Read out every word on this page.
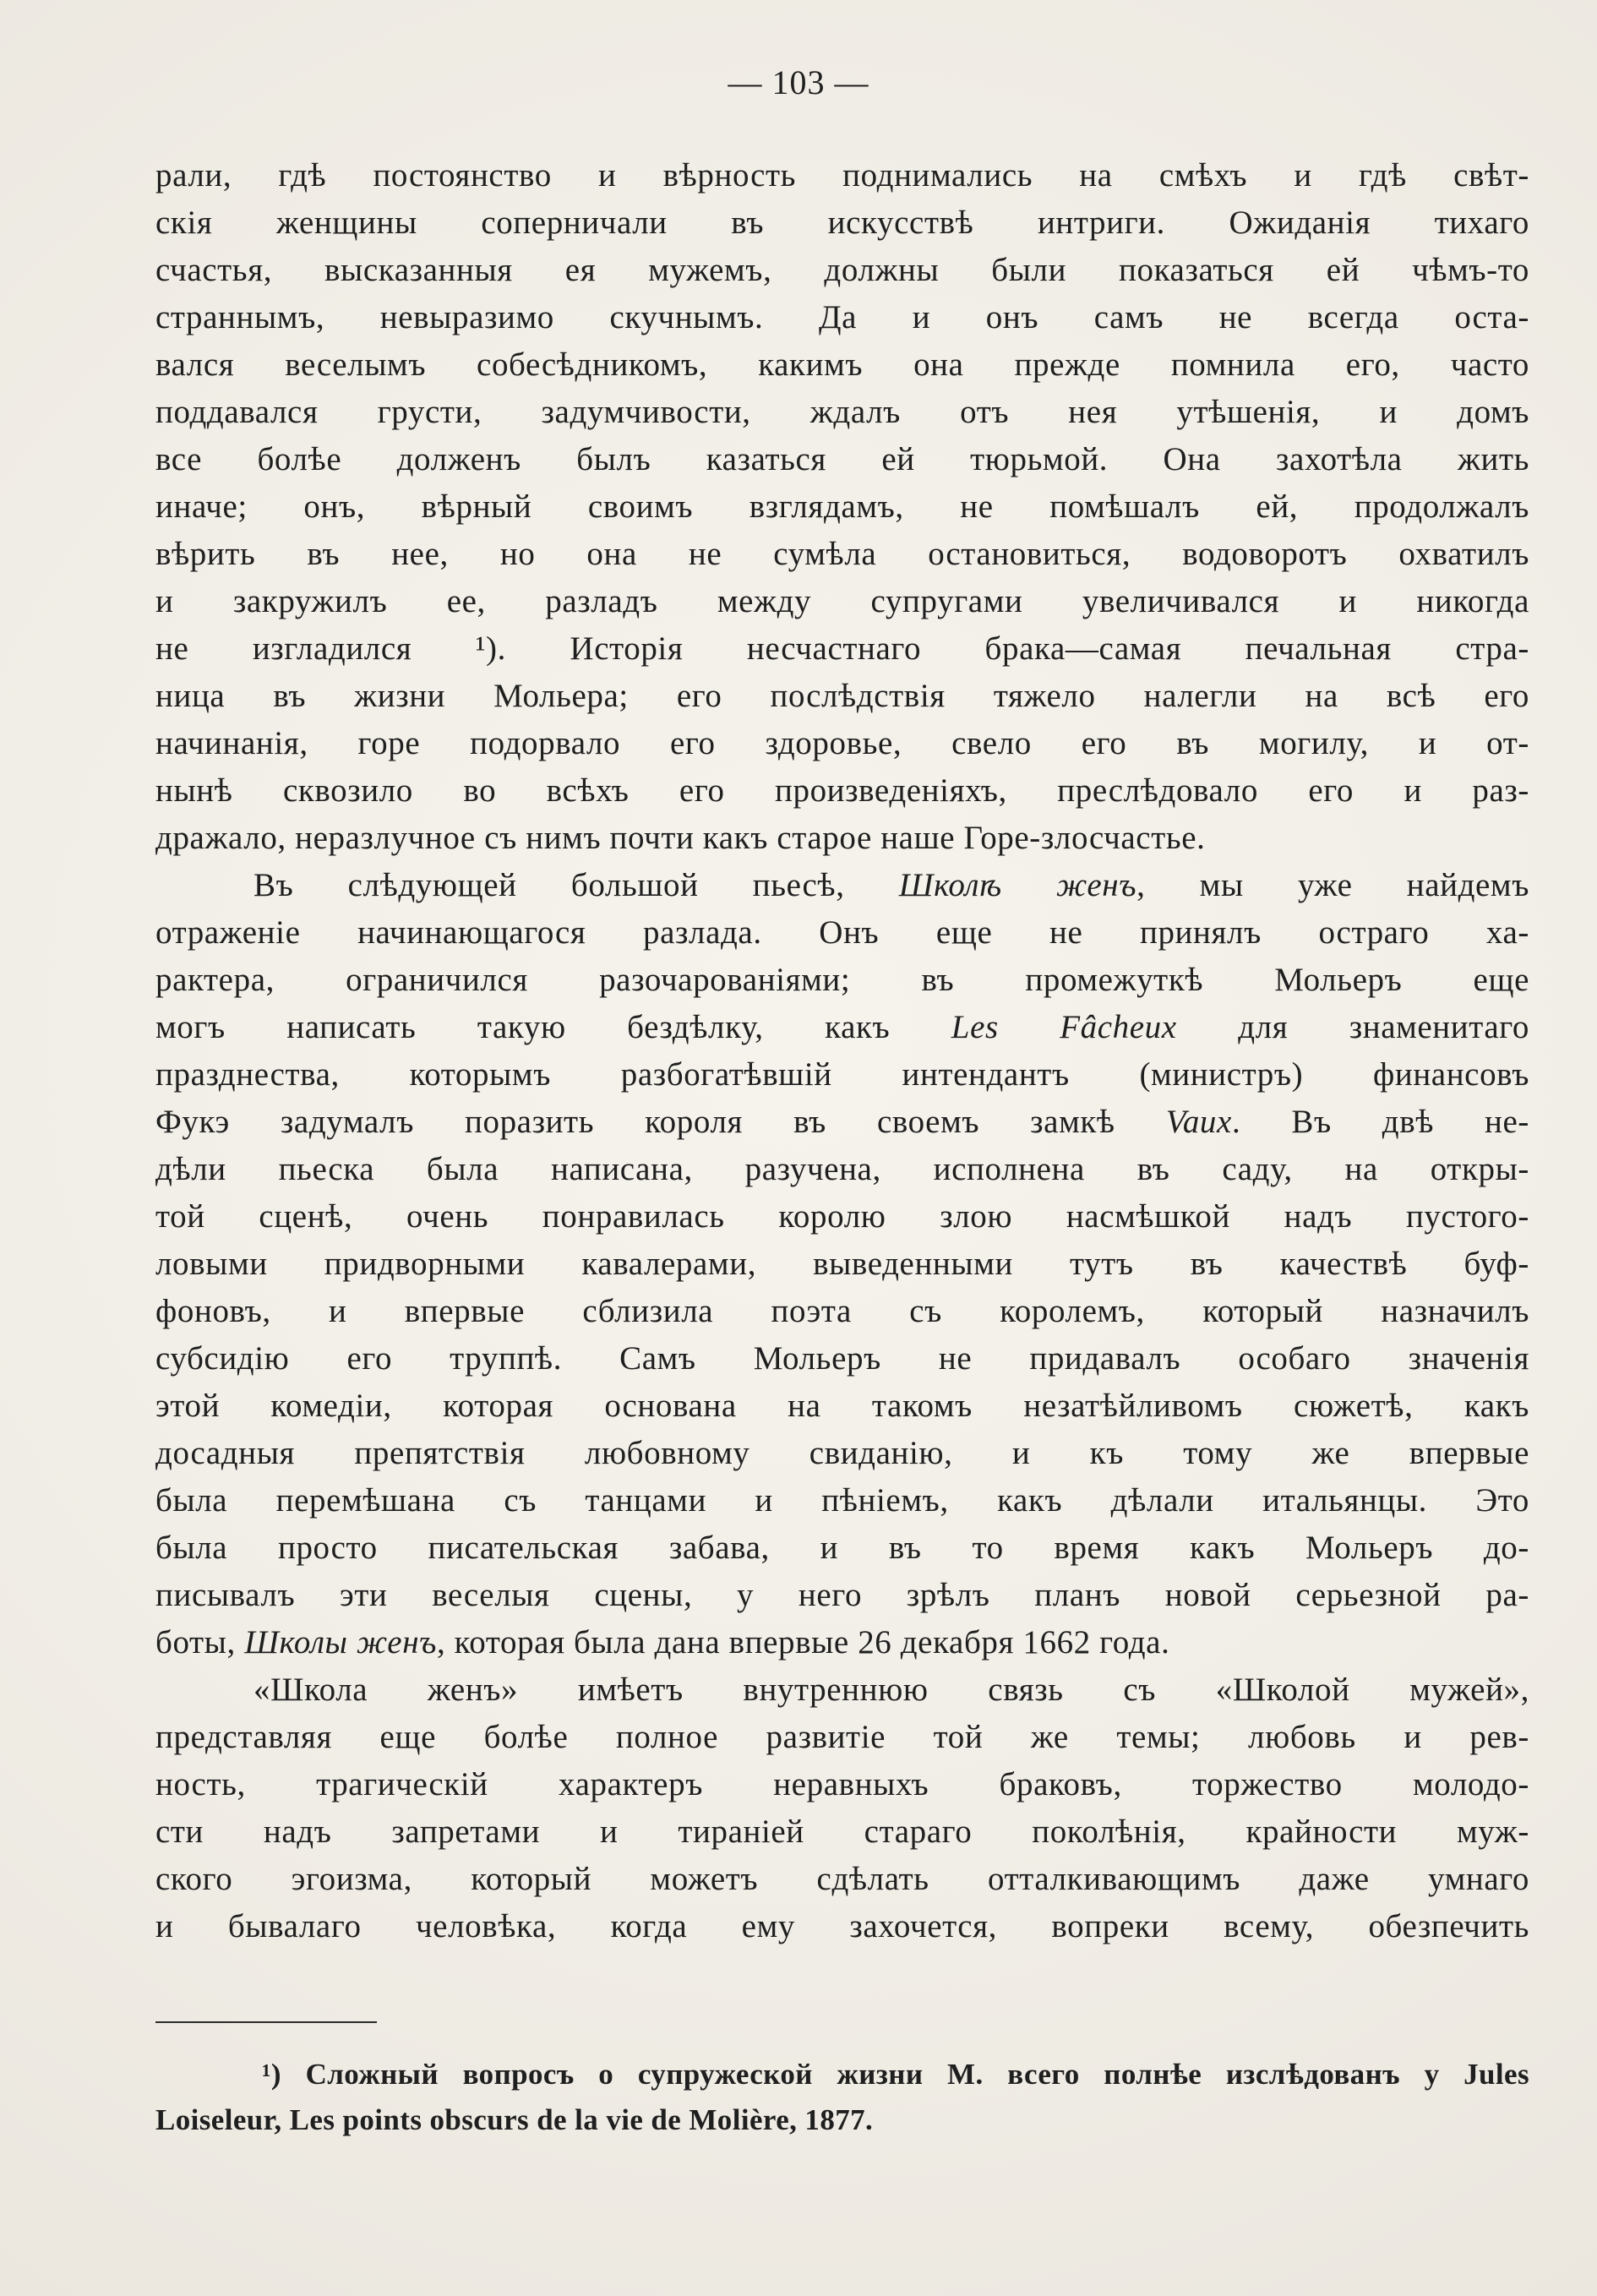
— 103 —
рали, гдѣ постоянство и вѣрность поднимались на смѣхъ и гдѣ свѣт-
скія женщины соперничали въ искусствѣ интриги. Ожиданія тихаго
счастья, высказанныя ея мужемъ, должны были показаться ей чѣмъ-то
страннымъ, невыразимо скучнымъ. Да и онъ самъ не всегда оста-
вался веселымъ собесѣдникомъ, какимъ она прежде помнила его, часто
поддавался грусти, задумчивости, ждалъ отъ нея утѣшенія, и домъ
все болѣе долженъ былъ казаться ей тюрьмой. Она захотѣла жить
иначе; онъ, вѣрный своимъ взглядамъ, не помѣшалъ ей, продолжалъ
вѣрить въ нее, но она не сумѣла остановиться, водоворотъ охватилъ
и закружилъ ее, разладъ между супругами увеличивался и никогда
не изгладился ¹). Исторія несчастнаго брака—самая печальная стра-
ница въ жизни Мольера; его послѣдствія тяжело налегли на всѣ его
начинанія, горе подорвало его здоровье, свело его въ могилу, и от-
нынѣ сквозило во всѣхъ его произведеніяхъ, преслѣдовало его и раз-
дражало, неразлучное съ нимъ почти какъ старое наше Горе-злосчастье.
Въ слѣдующей большой пьесѣ, Школѣ женъ, мы уже найдемъ
отраженіе начинающагося разлада. Онъ еще не принялъ остраго ха-
рактера, ограничился разочарованіями; въ промежуткѣ Мольеръ еще
могъ написать такую бездѣлку, какъ Les Fâcheux для знаменитаго
празднества, которымъ разбогатѣвшій интендантъ (министръ) финансовъ
Фукэ задумалъ поразить короля въ своемъ замкѣ Vaux. Въ двѣ не-
дѣли пьеска была написана, разучена, исполнена въ саду, на откры-
той сценѣ, очень понравилась королю злою насмѣшкой надъ пустого-
ловыми придворными кавалерами, выведенными тутъ въ качествѣ буф-
фоновъ, и впервые сблизила поэта съ королемъ, который назначилъ
субсидію его труппѣ. Самъ Мольеръ не придавалъ особаго значенія
этой комедіи, которая основана на такомъ незатѣйливомъ сюжетѣ, какъ
досадныя препятствія любовному свиданію, и къ тому же впервые
была перемѣшана съ танцами и пѣніемъ, какъ дѣлали итальянцы. Это
была просто писательская забава, и въ то время какъ Мольеръ до-
писывалъ эти веселыя сцены, у него зрѣлъ планъ новой серьезной ра-
боты, Школы женъ, которая была дана впервые 26 декабря 1662 года.
«Школа женъ» имѣетъ внутреннюю связь съ «Школой мужей»,
представляя еще болѣе полное развитіе той же темы; любовь и рев-
ность, трагическій характеръ неравныхъ браковъ, торжество молодо-
сти надъ запретами и тираніей стараго поколѣнія, крайности муж-
ского эгоизма, который можетъ сдѣлать отталкивающимъ даже умнаго
и бывалаго человѣка, когда ему захочется, вопреки всему, обезпечить
¹) Сложный вопросъ о супружеской жизни М. всего полнѣе изслѣдованъ у Jules
Loiseleur, Les points obscurs de la vie de Molière, 1877.
